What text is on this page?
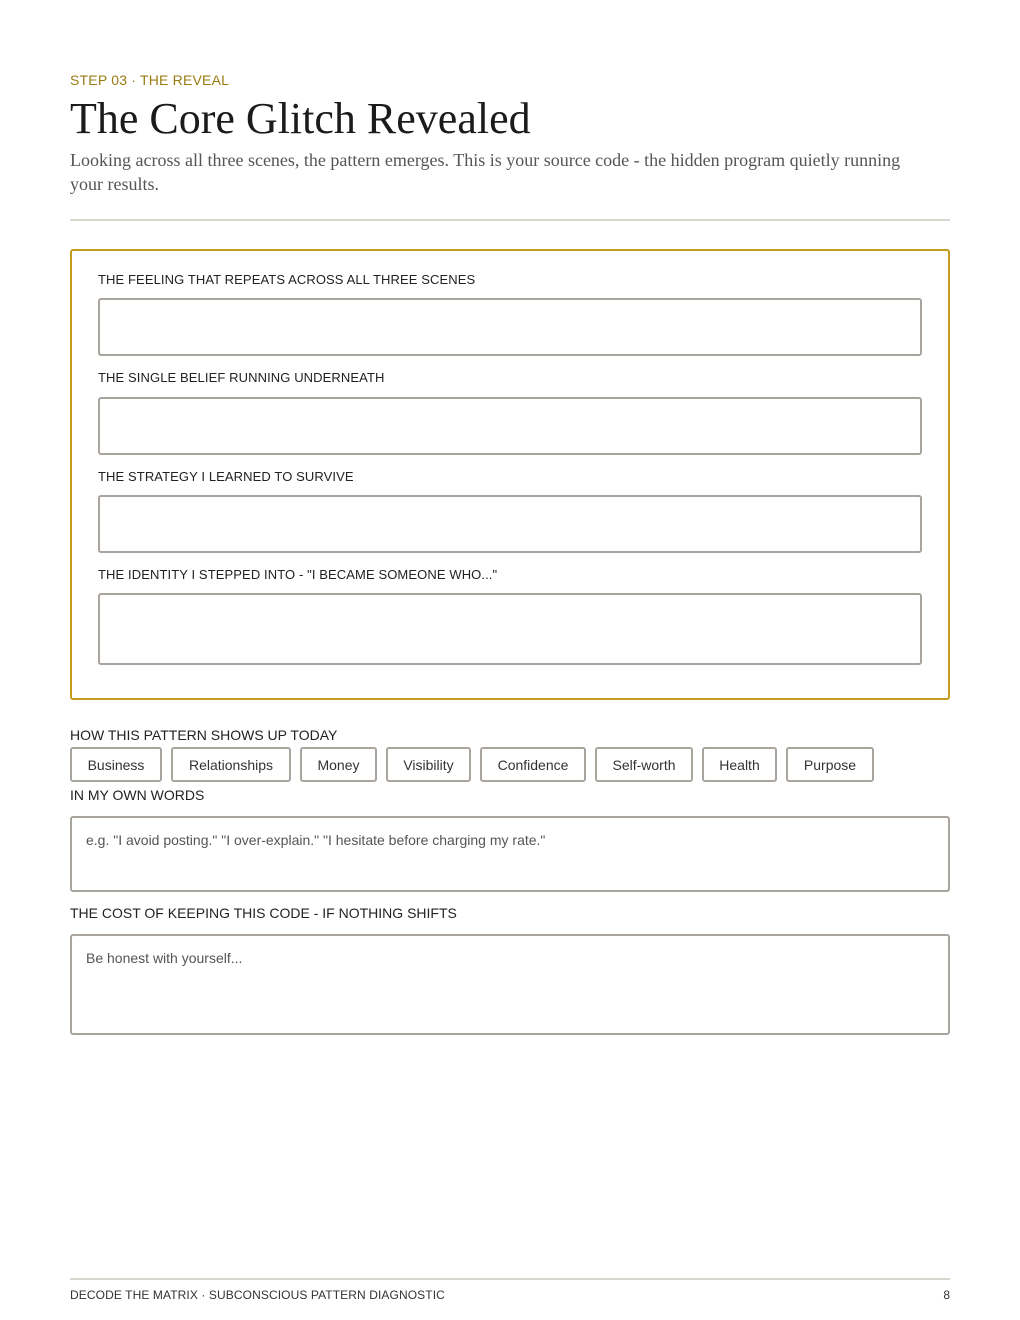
STEP 03 · THE REVEAL
The Core Glitch Revealed

Looking across all three scenes, the pattern emerges. This is your source code - the hidden program quietly running your results.

THE FEELING THAT REPEATS ACROSS ALL THREE SCENES

THE SINGLE BELIEF RUNNING UNDERNEATH

THE STRATEGY I LEARNED TO SURVIVE

THE IDENTITY I STEPPED INTO - "I BECAME SOMEONE WHO..."

HOW THIS PATTERN SHOWS UP TODAY

Business	Relationships	Money	Visibility	Confidence	Self-worth	Health	Purpose

IN MY OWN WORDS

e.g. "I avoid posting." "I over-explain." "I hesitate before charging my rate."

THE COST OF KEEPING THIS CODE - IF NOTHING SHIFTS

Be honest with yourself...
DECODE THE MATRIX · SUBCONSCIOUS PATTERN DIAGNOSTIC	8
